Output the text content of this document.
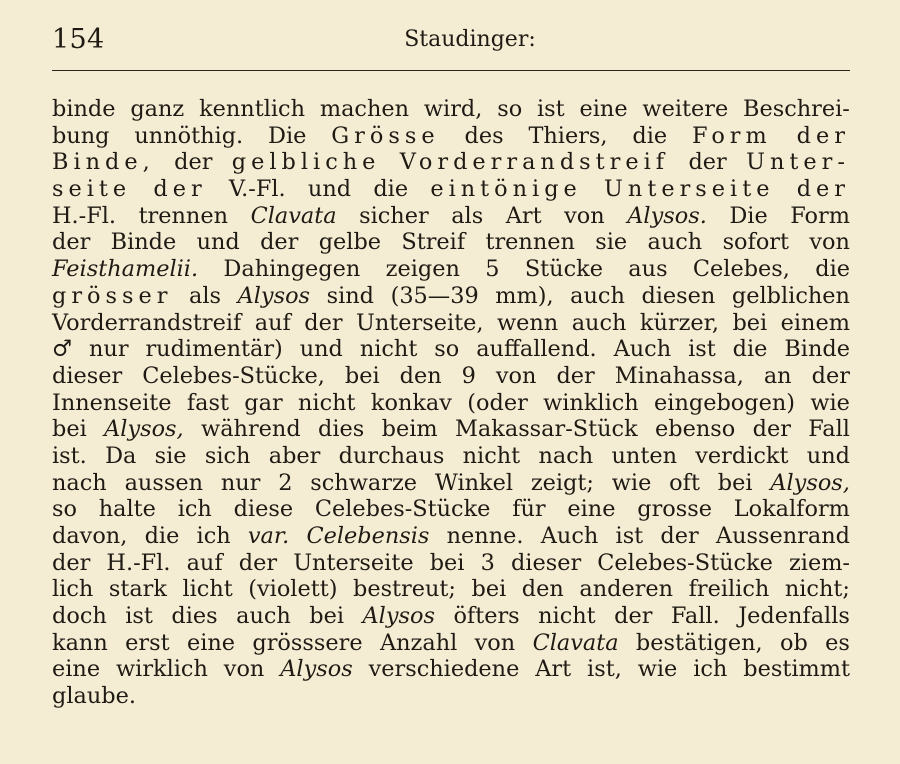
154	Staudinger:
binde ganz kenntlich machen wird, so ist eine weitere Beschrei-
bung unnöthig. Die Grösse des Thiers, die Form der
Binde, der gelbliche Vorderrandstreif der Unter-
seite der V.-Fl. und die eintönige Unterseite der
H.-Fl. trennen Clavata sicher als Art von Alysos. Die Form
der Binde und der gelbe Streif trennen sie auch sofort von
Feisthamelii. Dahingegen zeigen 5 Stücke aus Celebes, die
grösser als Alysos sind (35—39 mm), auch diesen gelblichen
Vorderrandstreif auf der Unterseite, wenn auch kürzer, bei einem
♂ nur rudimentär) und nicht so auffallend. Auch ist die Binde
dieser Celebes-Stücke, bei den 9 von der Minahassa, an der
Innenseite fast gar nicht konkav (oder winklich eingebogen) wie
bei Alysos, während dies beim Makassar-Stück ebenso der Fall
ist. Da sie sich aber durchaus nicht nach unten verdickt und
nach aussen nur 2 schwarze Winkel zeigt; wie oft bei Alysos,
so halte ich diese Celebes-Stücke für eine grosse Lokalform
davon, die ich var. Celebensis nenne. Auch ist der Aussenrand
der H.-Fl. auf der Unterseite bei 3 dieser Celebes-Stücke ziem-
lich stark licht (violett) bestreut; bei den anderen freilich nicht;
doch ist dies auch bei Alysos öfters nicht der Fall. Jedenfalls
kann erst eine grösssere Anzahl von Clavata bestätigen, ob es
eine wirklich von Alysos verschiedene Art ist, wie ich bestimmt
glaube.
